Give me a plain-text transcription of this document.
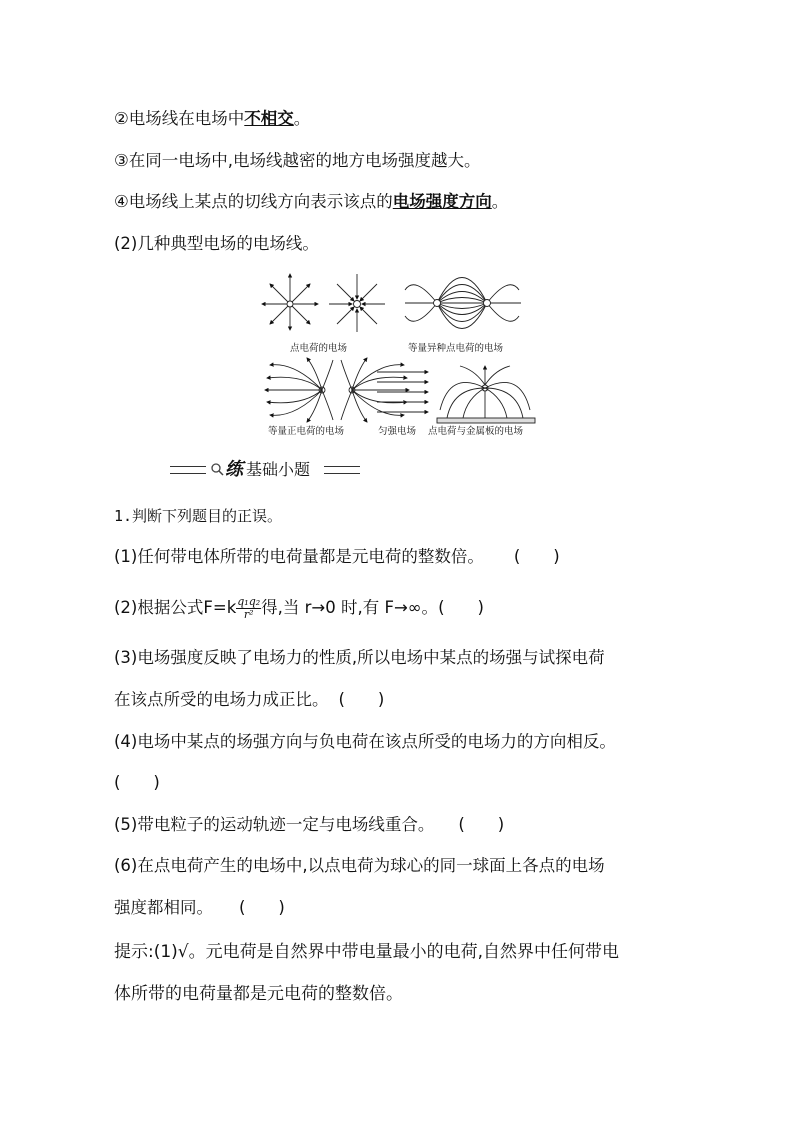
②电场线在电场中不相交。
③在同一电场中,电场线越密的地方电场强度越大。
④电场线上某点的切线方向表示该点的电场强度方向。
(2)几种典型电场的电场线。
点电荷的电场	等量异种点电荷的电场
等量正电荷的电场	匀强电场 点电荷与金属板的电场
练 基础小题
1.判断下列题目的正误。
(1)任何带电体所带的电荷量都是元电荷的整数倍。 (　　)
(2)根据公式$F=k \frac{\text{q₁q₂}}{\text{r²}}$ 得,当 r→0 时,有 F→∞。(　　)
(3)电场强度反映了电场力的性质,所以电场中某点的场强与试探电荷
在该点所受的电场力成正比。 (　　)
(4)电场中某点的场强方向与负电荷在该点所受的电场力的方向相反。
(　　)
(5)带电粒子的运动轨迹一定与电场线重合。 (　　)
(6)在点电荷产生的电场中,以点电荷为球心的同一球面上各点的电场
强度都相同。 (　　)
提示:(1)√。元电荷是自然界中带电量最小的电荷,自然界中任何带电
体所带的电荷量都是元电荷的整数倍。
